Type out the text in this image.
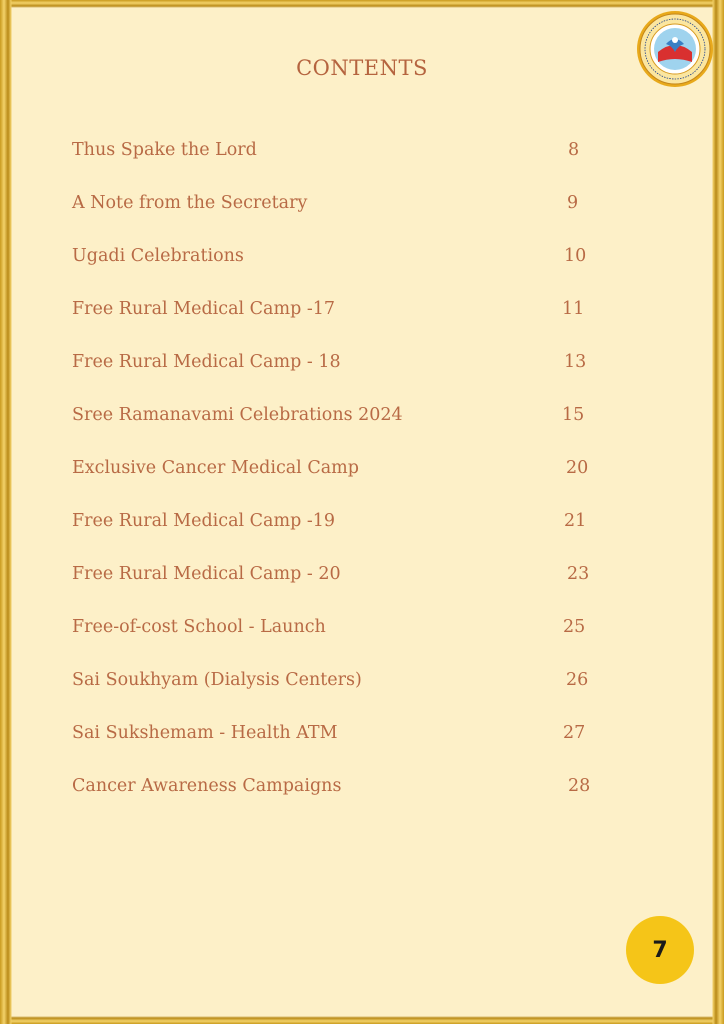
CONTENTS
Thus Spake the Lord	8
A Note from the Secretary	9
Ugadi Celebrations	10
Free Rural Medical Camp -17	11
Free Rural Medical Camp - 18	13
Sree Ramanavami Celebrations 2024	15
Exclusive Cancer Medical Camp	20
Free Rural Medical Camp -19	21
Free Rural Medical Camp - 20	23
Free-of-cost School - Launch	25
Sai Soukhyam (Dialysis Centers)	26
Sai Sukshemam - Health ATM	27
Cancer Awareness Campaigns	28
7
